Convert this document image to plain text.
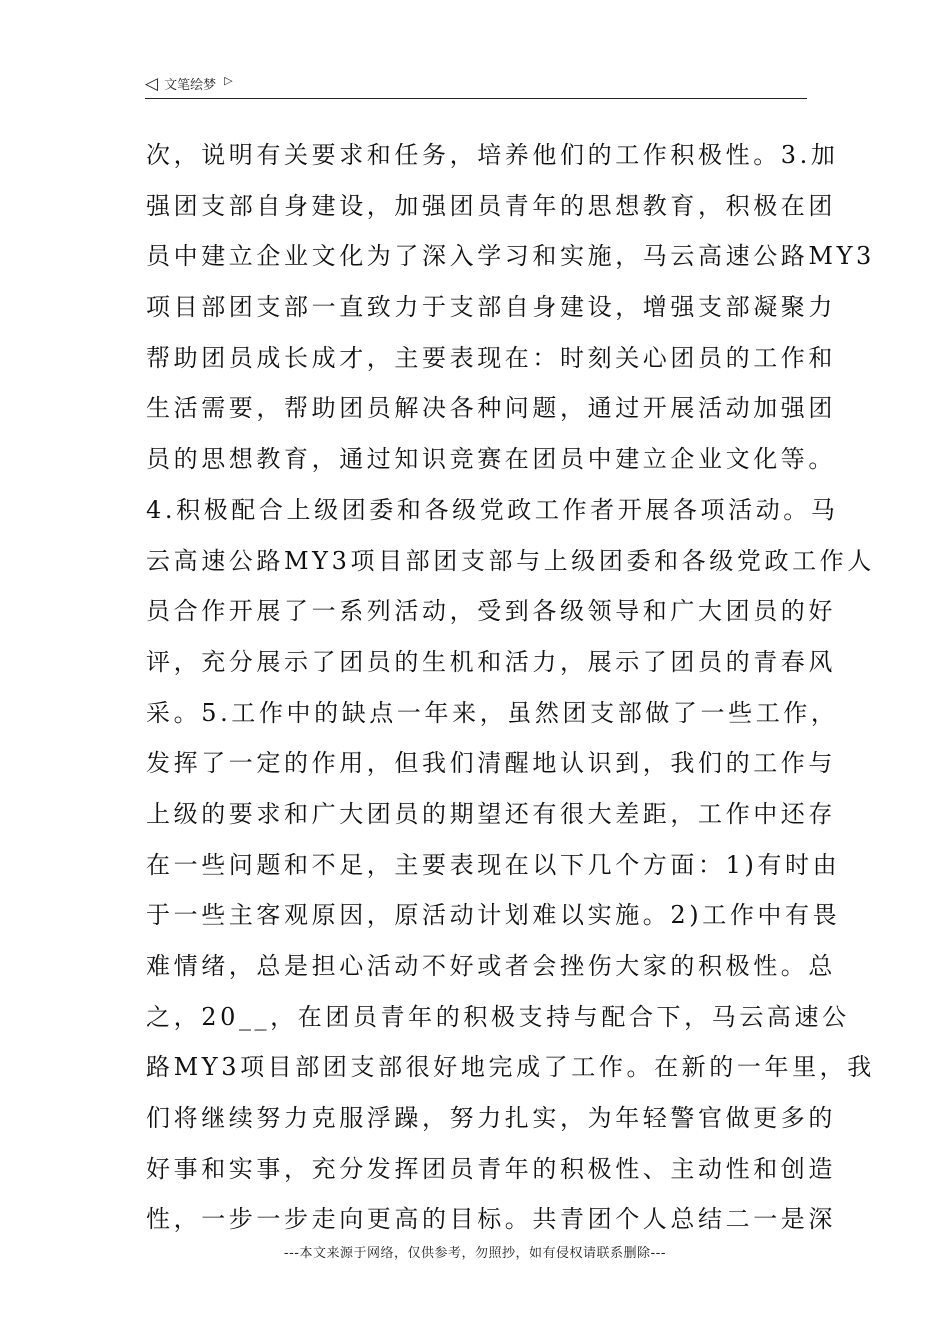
◁ 文笔绘梦 ▷
次，说明有关要求和任务，培养他们的工作积极性。3.加
强团支部自身建设，加强团员青年的思想教育，积极在团
员中建立企业文化为了深入学习和实施，马云高速公路MY3
项目部团支部一直致力于支部自身建设，增强支部凝聚力
帮助团员成长成才，主要表现在：时刻关心团员的工作和
生活需要，帮助团员解决各种问题，通过开展活动加强团
员的思想教育，通过知识竞赛在团员中建立企业文化等。
4.积极配合上级团委和各级党政工作者开展各项活动。马
云高速公路MY3项目部团支部与上级团委和各级党政工作人
员合作开展了一系列活动，受到各级领导和广大团员的好
评，充分展示了团员的生机和活力，展示了团员的青春风
采。5.工作中的缺点一年来，虽然团支部做了一些工作，
发挥了一定的作用，但我们清醒地认识到，我们的工作与
上级的要求和广大团员的期望还有很大差距，工作中还存
在一些问题和不足，主要表现在以下几个方面：1)有时由
于一些主客观原因，原活动计划难以实施。2)工作中有畏
难情绪，总是担心活动不好或者会挫伤大家的积极性。总
之，20__，在团员青年的积极支持与配合下，马云高速公
路MY3项目部团支部很好地完成了工作。在新的一年里，我
们将继续努力克服浮躁，努力扎实，为年轻警官做更多的
好事和实事，充分发挥团员青年的积极性、主动性和创造
性，一步一步走向更高的目标。共青团个人总结二一是深
---本文来源于网络，仅供参考，勿照抄，如有侵权请联系删除---
